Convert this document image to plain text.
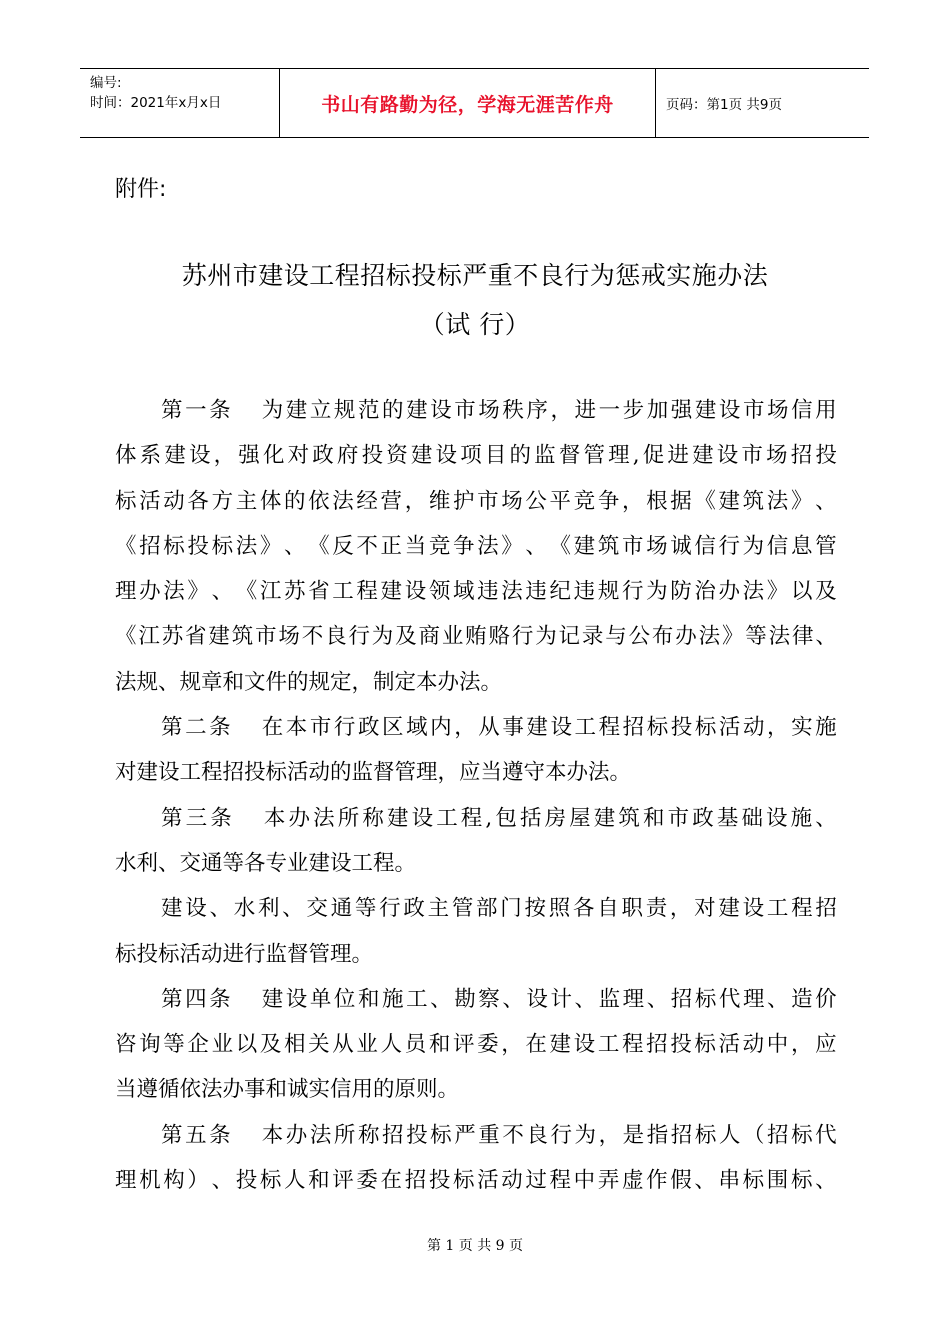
编号:
时间：2021年x月x日	书山有路勤为径，学海无涯苦作舟	页码：第1页 共9页
附件:
苏州市建设工程招标投标严重不良行为惩戒实施办法
（试 行）
第 一 条
　 为 建 立 规 范 的 建 设 市 场 秩 序 ， 进 一 步 加 强 建 设 市 场 信 用
体 系 建 设 ， 强 化 对 政 府 投 资 建 设 项 目 的 监 督 管 理 , 促 进 建 设 市 场 招 投
标 活 动 各 方 主 体 的 依 法 经 营 ， 维 护 市 场 公 平 竞 争 ， 根 据 《 建 筑 法 》 、
《 招 标 投 标 法 》 、 《 反 不 正 当 竞 争 法 》 、 《 建 筑 市 场 诚 信 行 为 信 息 管
理 办 法 》 、 《 江 苏 省 工 程 建 设 领 域 违 法 违 纪 违 规 行 为 防 治 办 法 》 以 及
《 江 苏 省 建 筑 市 场 不 良 行 为 及 商 业 贿 赂 行 为 记 录 与 公 布 办 法 》 等 法 律 、
法规、规章和文件的规定，制定本办法。
第 二 条
　 在 本 市 行 政 区 域 内 ， 从 事 建 设 工 程 招 标 投 标 活 动 ， 实 施
对建设工程招投标活动的监督管理，应当遵守本办法。
第 三 条
　 本 办 法 所 称 建 设 工 程 , 包 括 房 屋 建 筑 和 市 政 基 础 设 施 、
水利、交通等各专业建设工程。
建 设 、 水 利 、 交 通 等 行 政 主 管 部 门 按 照 各 自 职 责 ， 对 建 设 工 程 招
标投标活动进行监督管理。
第 四 条
　 建 设 单 位 和 施 工 、 勘 察 、 设 计 、 监 理 、 招 标 代 理 、 造 价
咨 询 等 企 业 以 及 相 关 从 业 人 员 和 评 委 ， 在 建 设 工 程 招 投 标 活 动 中 ， 应
当遵循依法办事和诚实信用的原则。
第 五 条
　 本 办 法 所 称 招 投 标 严 重 不 良 行 为 ， 是 指 招 标 人 （ 招 标 代
理 机 构 ） 、 投 标 人 和 评 委 在 招 投 标 活 动 过 程 中 弄 虚 作 假 、 串 标 围 标 、
第 1 页 共 9 页
